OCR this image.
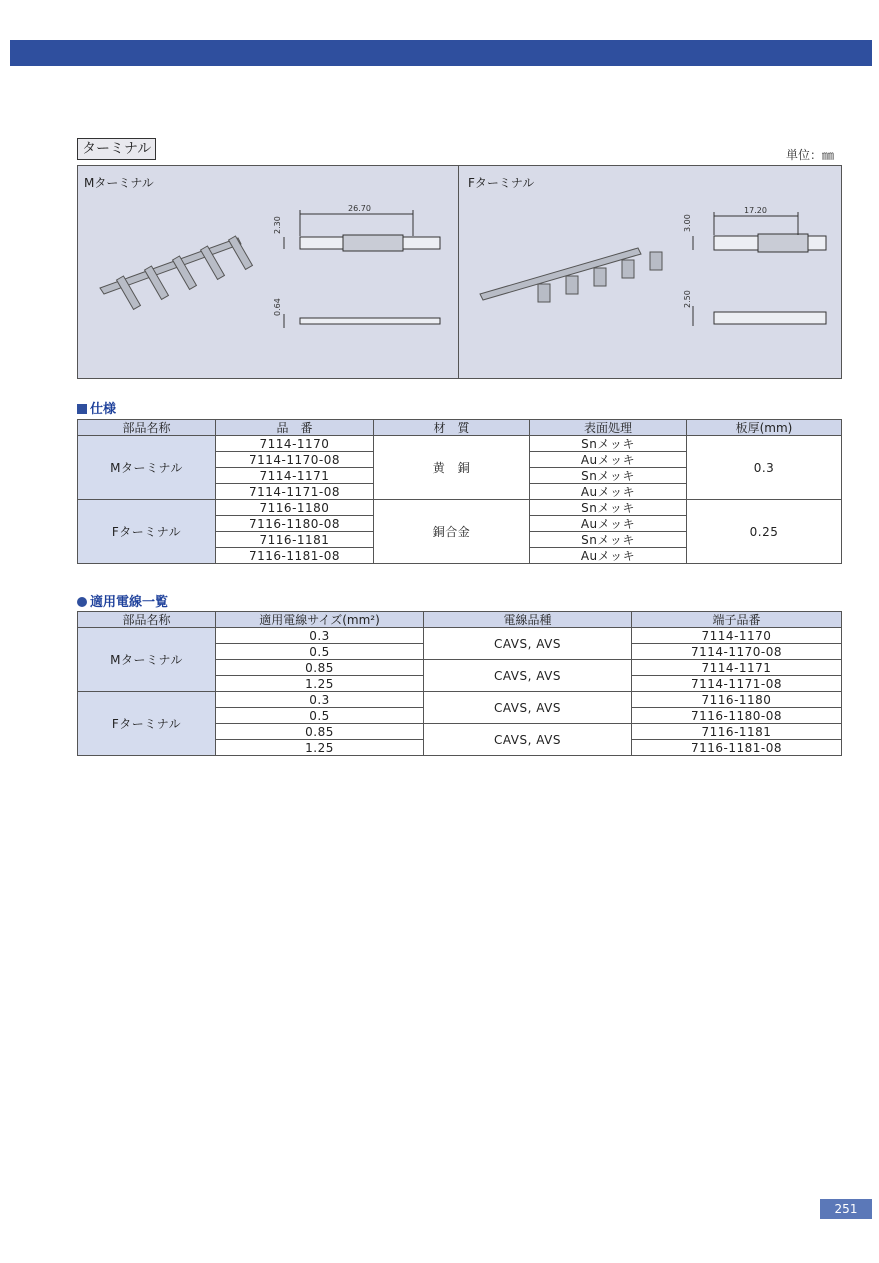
ターミナル	単位：㎜
Mターミナル	Fターミナル
26.70
2.30
0.64
17.20
3.00
2.50
仕様
部品名称	品　番	材　質	表面処理	板厚(mm)
Mターミナル	7114-1170	黄　銅	Snメッキ	0.3
	7114-1170-08		Auメッキ	
	7114-1171		Snメッキ	
	7114-1171-08		Auメッキ	
Fターミナル	7116-1180	銅合金	Snメッキ	0.25
	7116-1180-08		Auメッキ	
	7116-1181		Snメッキ	
	7116-1181-08		Auメッキ	
適用電線一覧
部品名称	適用電線サイズ(mm²)	電線品種	端子品番
Mターミナル	0.3	CAVS, AVS	7114-1170
	0.5		7114-1170-08
	0.85	CAVS, AVS	7114-1171
	1.25		7114-1171-08
Fターミナル	0.3	CAVS, AVS	7116-1180
	0.5		7116-1180-08
	0.85	CAVS, AVS	7116-1181
	1.25		7116-1181-08
251
